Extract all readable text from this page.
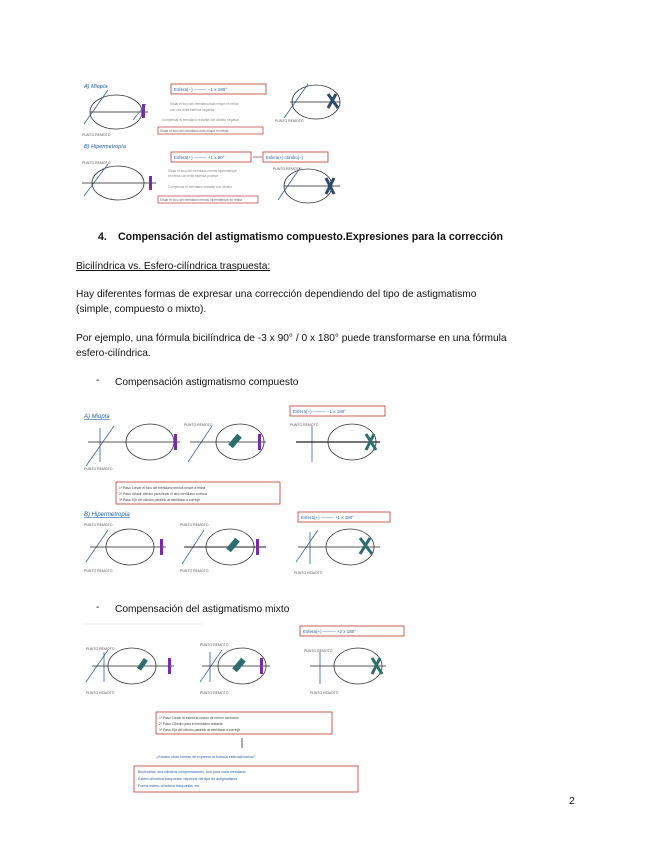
A) Miopía
PUNTO REMOTO
Esfera(−) ──── −1 x 180°
Situar el foco del meridiano más miope en retina
con una lente esférica negativa
Compensar el meridiano restante con cilindro negativo
Situar el foco del meridiano más miope en retina
PUNTO REMOTO
B) Hipermetropía
PUNTO REMOTO
Esfera(+) ──── +1 x 90°	Esfera(+) cilindro(−)
Situar el foco del meridiano menos hipermétrope
en retina con lente esférica positiva
Compensar el meridiano restante con cilindro
Situar el foco del meridiano menos hipermétrope en retina
PUNTO REMOTO
4. Compensación del astigmatismo compuesto.Expresiones para la corrección
Bicilíndrica vs. Esfero-cilíndrica traspuesta:
Hay diferentes formas de expresar una corrección dependiendo del tipo de astigmatismo
(simple, compuesto o mixto).
Por ejemplo, una fórmula bicilíndrica de -3 x 90° / 0 x 180° puede transformarse en una fórmula
esfero-cilíndrica.
- Compensación astigmatismo compuesto
A) Miopía
PUNTO REMOTO
PUNTO REMOTO
Esfera(−) ──── −1 x 180°
PUNTO REMOTO
1º Paso: Llevar el foco del meridiano menos miope a retina
2º Paso: Añadir cilindro para llevar el otro meridiano a retina
3º Paso: Eje del cilindro paralelo al meridiano a corregir
B) Hipermetropía
PUNTO REMOTO
PUNTO REMOTO
PUNTO REMOTO
PUNTO REMOTO
Esfera(+) ──── +1 x 180°
PUNTO REMOTO
- Compensación del astigmatismo mixto
Esfera(+) ──── +2 x 180°
PUNTO REMOTO
PUNTO REMOTO
PUNTO REMOTO
PUNTO REMOTO
PUNTO REMOTO
PUNTO REMOTO
1º Paso: Llevar la esfera al círculo de menor confusión
2º Paso: Cilindro para el meridiano restante
3º Paso: Eje del cilindro paralelo al meridiano a corregir
¿Existen otras formas de expresar la fórmula esferocilíndrica?
Bicilíndrica: dos cilindros compensadores, uno para cada meridiano
Esfero-cilíndrica traspuesta: depende del tipo de astigmatismo
Forma esfero-cilíndrica traspuesta, etc.
2
